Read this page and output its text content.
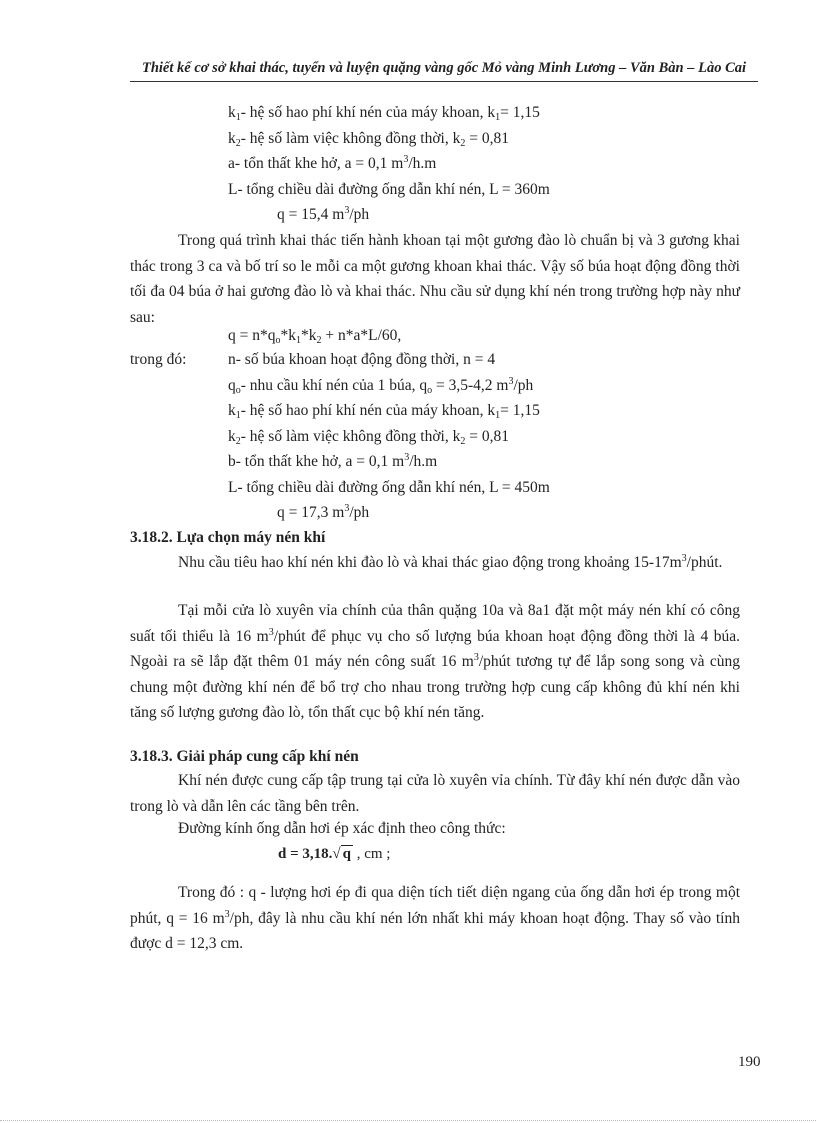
Thiết kế cơ sở khai thác, tuyển và luyện quặng vàng gốc Mỏ vàng Minh Lương – Văn Bàn – Lào Cai
$k_1-$ hệ số hao phí khí nén của máy khoan, $k_1= 1,15$
$k_2-$ hệ số làm việc không đồng thời, $k_2 = 0,81$
a- tổn thất khe hở, a = 0,1 $m^3/h.m$
L- tổng chiều dài đường ống dẫn khí nén, L = 360m
q = 15,4 $m^3/ph$
Trong quá trình khai thác tiến hành khoan tại một gương đào lò chuẩn bị và 3 gương khai thác trong 3 ca và bố trí so le mỗi ca một gương khoan khai thác. Vậy số búa hoạt động đồng thời tối đa 04 búa ở hai gương đào lò và khai thác. Nhu cầu sử dụng khí nén trong trường hợp này như sau:
$q = n*q_o*k_1*k_2 + n*a*L/60$,
trong đó:	n- số búa khoan hoạt động đồng thời, n = 4
$q_o-$ nhu cầu khí nén của 1 búa, $q_o = 3,5-4,2$ $m^3/ph$
$k_1-$ hệ số hao phí khí nén của máy khoan, $k_1= 1,15$
$k_2-$ hệ số làm việc không đồng thời, $k_2 = 0,81$
b- tổn thất khe hở, a = 0,1 $m^3/h.m$
L- tổng chiều dài đường ống dẫn khí nén, L = 450m
q = 17,3 $m^3/ph$
3.18.2. Lựa chọn máy nén khí
Nhu cầu tiêu hao khí nén khi đào lò và khai thác giao động trong khoảng $15-17m^3$/phút.
Tại mỗi cửa lò xuyên vỉa chính của thân quặng 10a và 8a1 đặt một máy nén khí có công suất tối thiểu là 16 $m^3$/phút để phục vụ cho số lượng búa khoan hoạt động đồng thời là 4 búa. Ngoài ra sẽ lắp đặt thêm 01 máy nén công suất 16 $m^3$/phút tương tự để lắp song song và cùng chung một đường khí nén để bổ trợ cho nhau trong trường hợp cung cấp không đủ khí nén khi tăng số lượng gương đào lò, tổn thất cục bộ khí nén tăng.
3.18.3. Giải pháp cung cấp khí nén
Khí nén được cung cấp tập trung tại cửa lò xuyên vỉa chính. Từ đây khí nén được dẫn vào trong lò và dẫn lên các tầng bên trên.
Đường kính ống dẫn hơi ép xác định theo công thức:
d = 3,18.√ q , cm ;
Trong đó : q - lượng hơi ép đi qua diện tích tiết diện ngang của ống dẫn hơi ép trong một phút, q = 16 $m^3/ph$, đây là nhu cầu khí nén lớn nhất khi máy khoan hoạt động. Thay số vào tính được d = 12,3 cm.
190
